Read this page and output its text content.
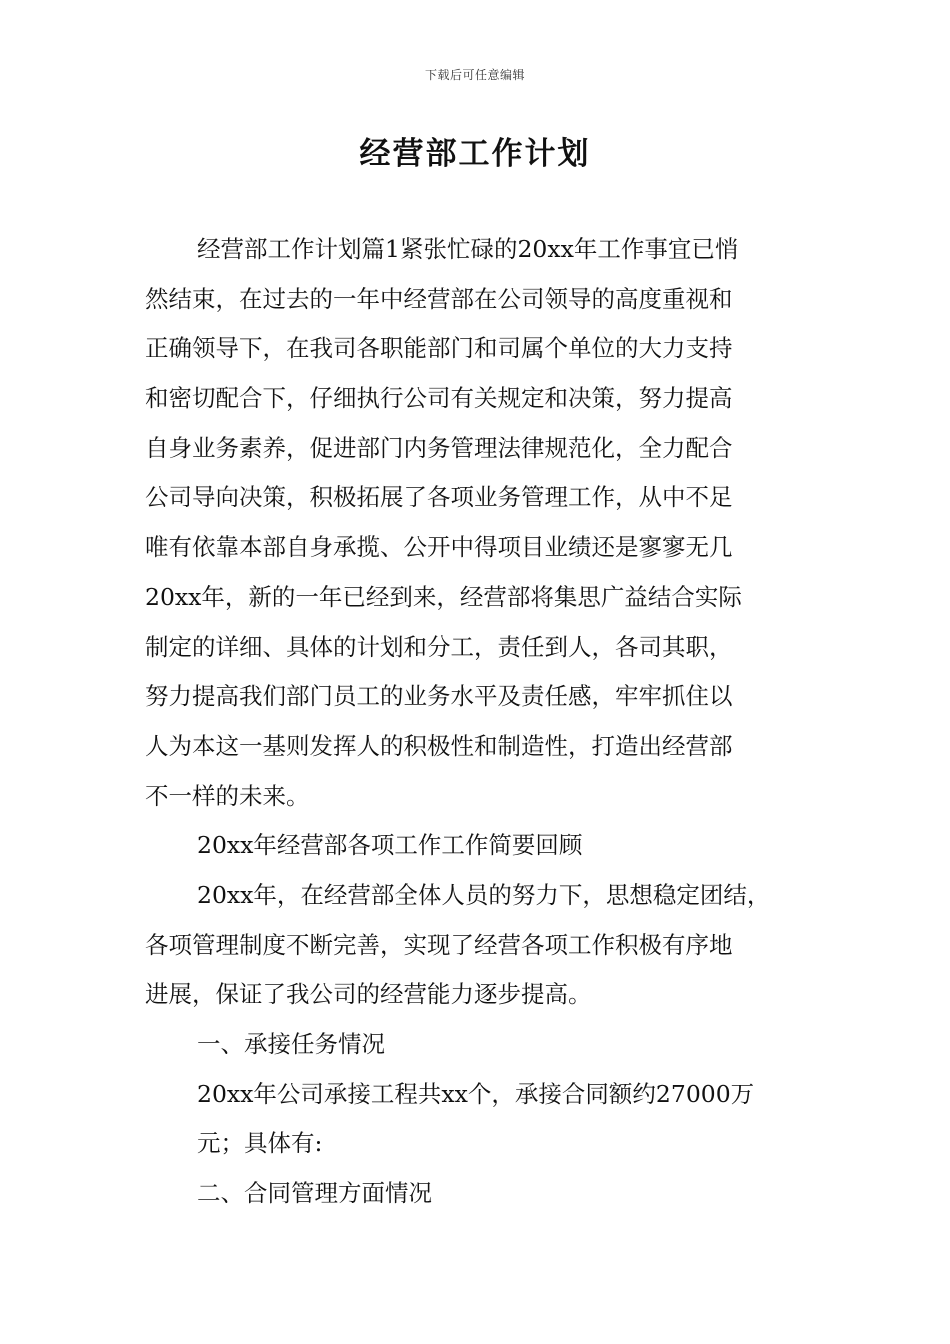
下载后可任意编辑
经营部工作计划
经营部工作计划篇1紧张忙碌的20xx年工作事宜已悄
然结束，在过去的一年中经营部在公司领导的高度重视和
正确领导下，在我司各职能部门和司属个单位的大力支持
和密切配合下，仔细执行公司有关规定和决策，努力提高
自身业务素养，促进部门内务管理法律规范化，全力配合
公司导向决策，积极拓展了各项业务管理工作，从中不足
唯有依靠本部自身承揽、公开中得项目业绩还是寥寥无几
20xx年，新的一年已经到来，经营部将集思广益结合实际
制定的详细、具体的计划和分工，责任到人，各司其职，
努力提高我们部门员工的业务水平及责任感，牢牢抓住以
人为本这一基则发挥人的积极性和制造性，打造出经营部
不一样的未来。
20xx年经营部各项工作工作简要回顾
20xx年，在经营部全体人员的努力下，思想稳定团结，
各项管理制度不断完善，实现了经营各项工作积极有序地
进展，保证了我公司的经营能力逐步提高。
一、承接任务情况
20xx年公司承接工程共xx个，承接合同额约27000万
元；具体有:
二、合同管理方面情况
